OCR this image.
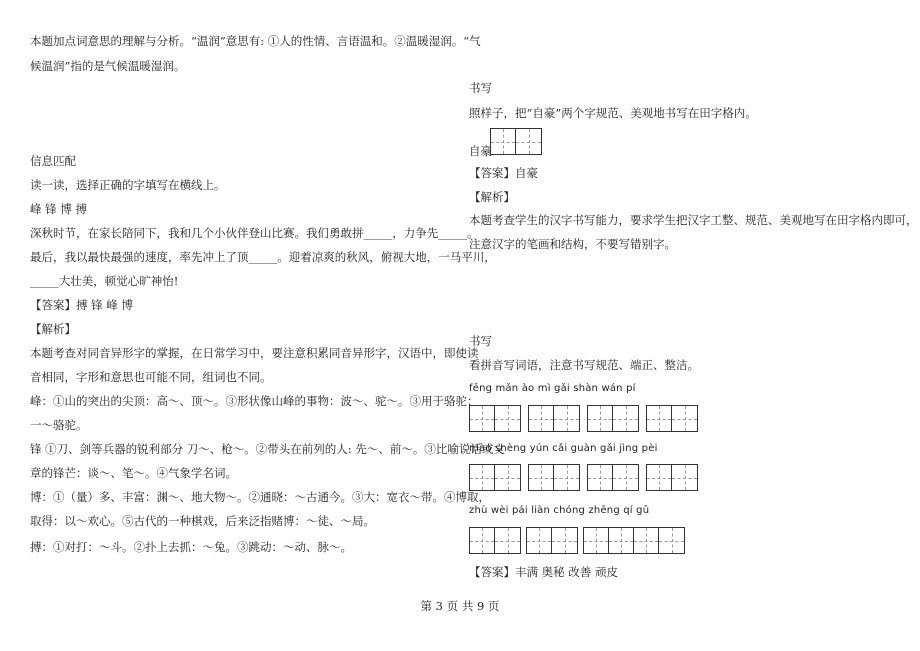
本题加点词意思的理解与分析。“温润”意思有: ①人的性情、言语温和。②温暖湿润。“气
候温润”指的是气候温暖湿润。
信息匹配
读一读，选择正确的字填写在横线上。
峰 锋 博 搏
深秋时节，在家长陪同下，我和几个小伙伴登山比赛。我们勇敢拼_____，力争先_____。
最后，我以最快最强的速度，率先冲上了顶_____。迎着凉爽的秋风，俯视大地，一马平川，
_____大壮美，顿觉心旷神怡!
【答案】搏 锋 峰 博
【解析】
本题考查对同音异形字的掌握，在日常学习中，要注意积累同音异形字，汉语中，即使读
音相同，字形和意思也可能不同，组词也不同。
峰：①山的突出的尖顶：高～、顶～。③形状像山峰的事物：波～、驼～。③用于骆驼：
一～骆驼。
锋 ①刀、剑等兵器的锐利部分 刀～、枪～。②带头在前列的人: 先～、前～。③比喻说话或文
章的锋芒：谈～、笔～。④气象学名词。
博：①（量）多、丰富：渊～、地大物～。②通晓：～古通今。③大：宽衣～带。④博取，
取得：以～欢心。⑤古代的一种棋戏，后来泛指赌博：～徒、～局。
搏：①对打：～斗。②扑上去抓：～兔。③跳动：～动、脉～。
书写
照样子，把“自豪”两个字规范、美观地书写在田字格内。
自豪
【答案】自豪
【解析】
本题考查学生的汉字书写能力，要求学生把汉字工整、规范、美观地写在田字格内即可，
注意汉字的笔画和结构，不要写错别字。
书写
看拼音写词语，注意书写规范、端正、整洁。
fēng mǎn ào mì gǎi shàn wán pí
mào shèng yún cǎi guàn gǎi jìng pèi
zhù wèi pái liàn chóng zhēng qí gǔ
【答案】丰满 奥秘 改善 顽皮
第 3 页 共 9 页
